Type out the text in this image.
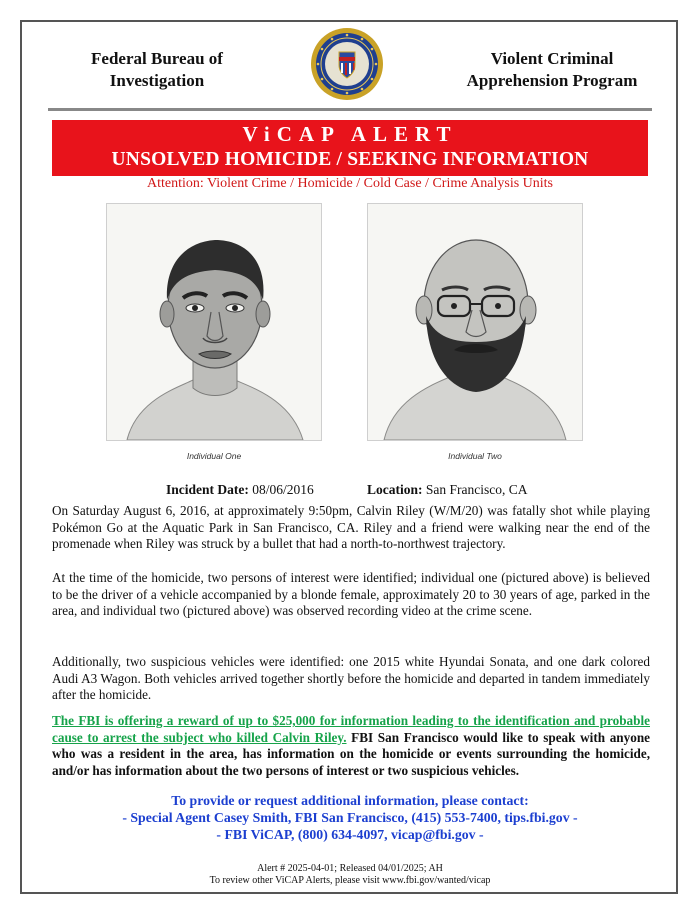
Federal Bureau of
Investigation
Violent Criminal
Apprehension Program
ViCAP ALERT
UNSOLVED HOMICIDE / SEEKING INFORMATION
Attention: Violent Crime / Homicide / Cold Case / Crime Analysis Units
Individual One	Individual Two
Incident Date: 08/06/2016	Location: San Francisco, CA
On Saturday August 6, 2016, at approximately 9:50pm, Calvin Riley (W/M/20) was fatally shot while playing Pokémon Go at the Aquatic Park in San Francisco, CA. Riley and a friend were walking near the end of the promenade when Riley was struck by a bullet that had a north-to-northwest trajectory.
At the time of the homicide, two persons of interest were identified; individual one (pictured above) is believed to be the driver of a vehicle accompanied by a blonde female, approximately 20 to 30 years of age, parked in the area, and individual two (pictured above) was observed recording video at the crime scene.
Additionally, two suspicious vehicles were identified: one 2015 white Hyundai Sonata, and one dark colored Audi A3 Wagon. Both vehicles arrived together shortly before the homicide and departed in tandem immediately after the homicide.
The FBI is offering a reward of up to $25,000 for information leading to the identification and probable cause to arrest the subject who killed Calvin Riley. FBI San Francisco would like to speak with anyone who was a resident in the area, has information on the homicide or events surrounding the homicide, and/or has information about the two persons of interest or two suspicious vehicles.
To provide or request additional information, please contact:
- Special Agent Casey Smith, FBI San Francisco, (415) 553-7400, tips.fbi.gov -
- FBI ViCAP, (800) 634-4097, vicap@fbi.gov -
Alert # 2025-04-01; Released 04/01/2025; AH
To review other ViCAP Alerts, please visit www.fbi.gov/wanted/vicap
